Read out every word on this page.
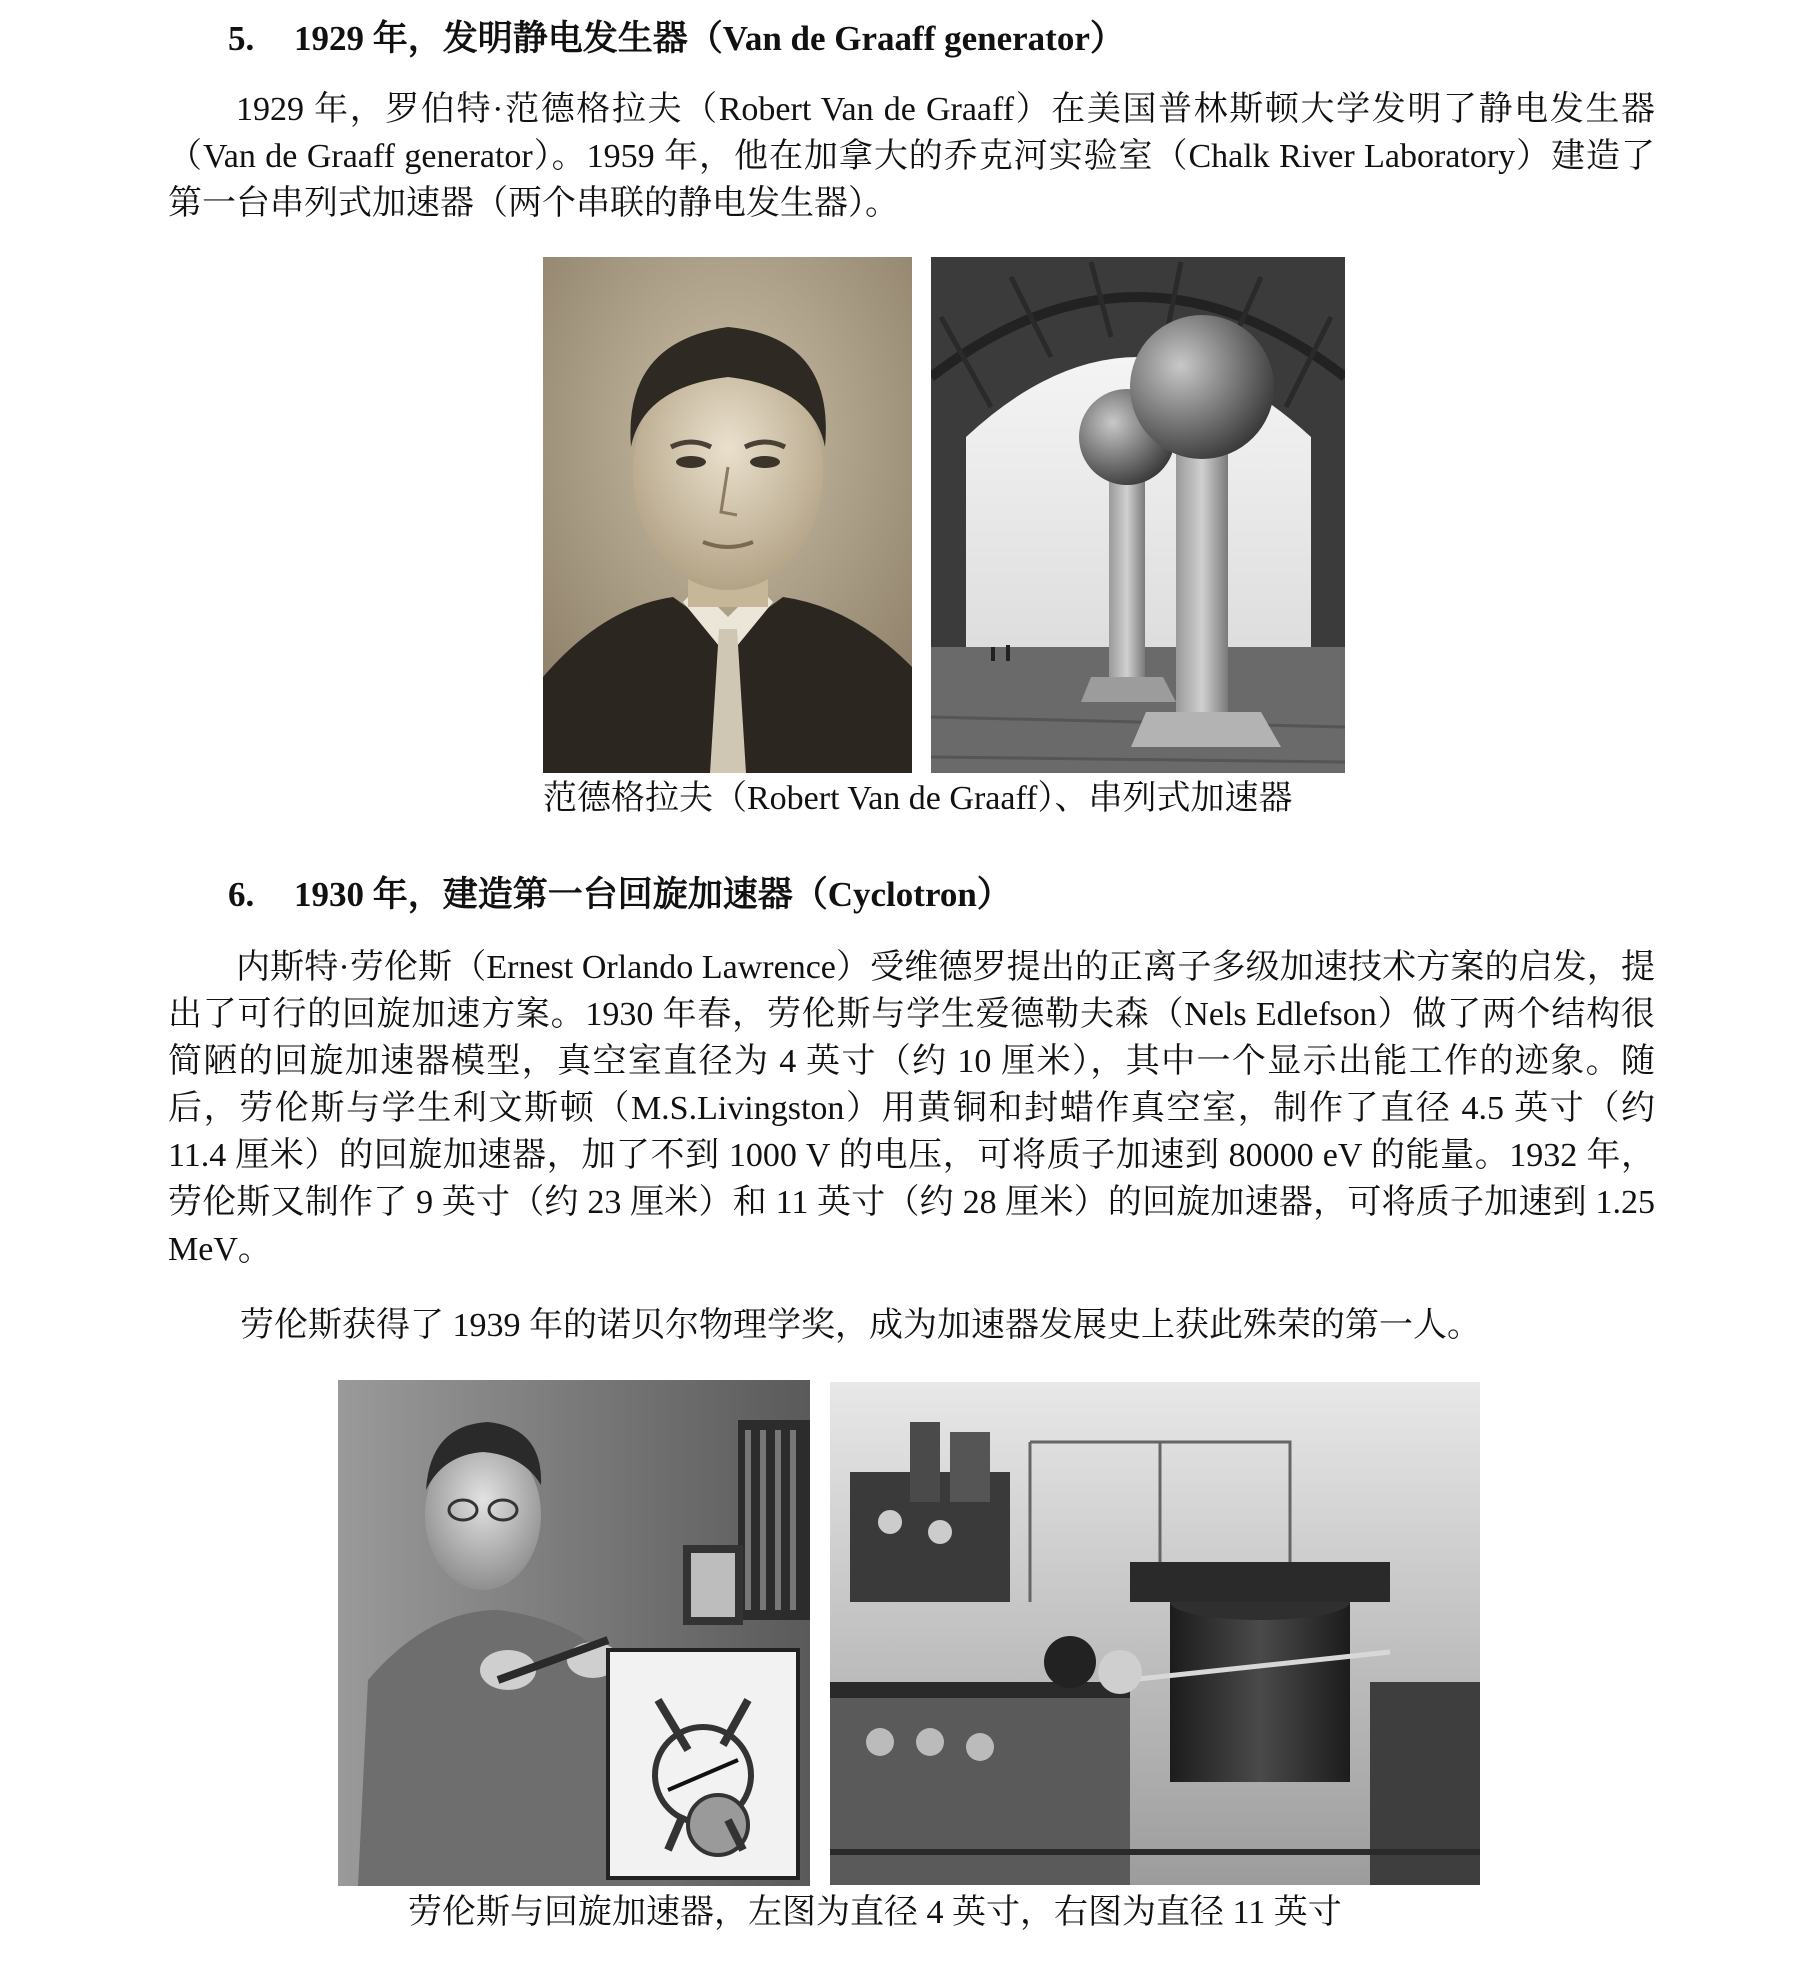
5. 1929 年，发明静电发生器（Van de Graaff generator）
1929 年，罗伯特·范德格拉夫（Robert Van de Graaff）在美国普林斯顿大学发明了静电发生器（Van de Graaff generator）。1959 年，他在加拿大的乔克河实验室（Chalk River Laboratory）建造了第一台串列式加速器（两个串联的静电发生器）。
范德格拉夫（Robert Van de Graaff）、串列式加速器
6. 1930 年，建造第一台回旋加速器（Cyclotron）
内斯特·劳伦斯（Ernest Orlando Lawrence）受维德罗提出的正离子多级加速技术方案的启发，提出了可行的回旋加速方案。1930 年春，劳伦斯与学生爱德勒夫森（Nels Edlefson）做了两个结构很简陋的回旋加速器模型，真空室直径为 4 英寸（约 10 厘米），其中一个显示出能工作的迹象。随后，劳伦斯与学生利文斯顿（M.S.Livingston）用黄铜和封蜡作真空室，制作了直径 4.5 英寸（约 11.4 厘米）的回旋加速器，加了不到 1000 V 的电压，可将质子加速到 80000 eV 的能量。1932 年，劳伦斯又制作了 9 英寸（约 23 厘米）和 11 英寸（约 28 厘米）的回旋加速器，可将质子加速到 1.25 MeV。
劳伦斯获得了 1939 年的诺贝尔物理学奖，成为加速器发展史上获此殊荣的第一人。
劳伦斯与回旋加速器，左图为直径 4 英寸，右图为直径 11 英寸
